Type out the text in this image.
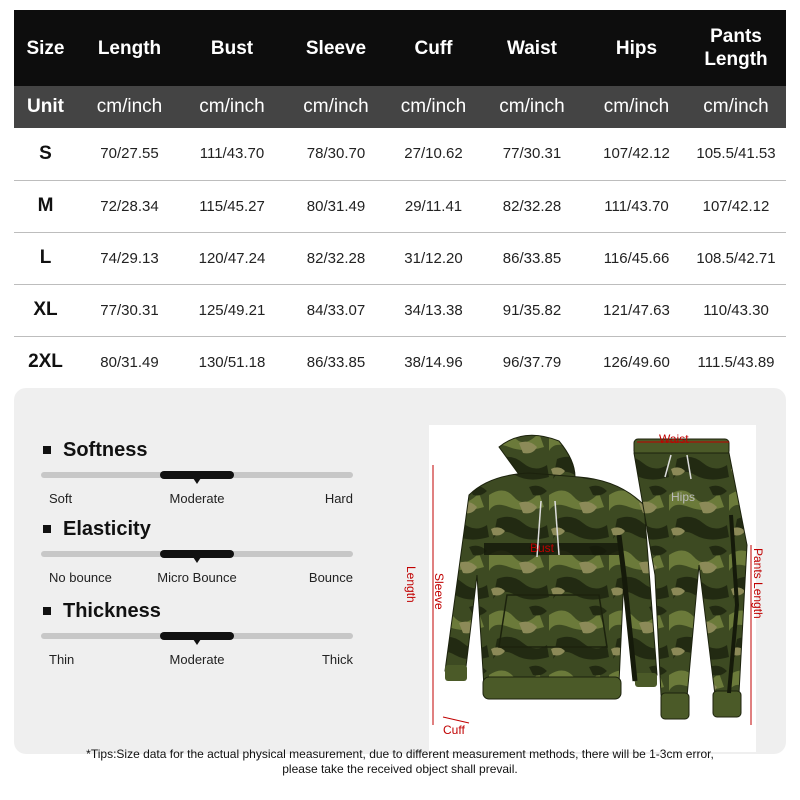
Size	Length	Bust	Sleeve	Cuff	Waist	Hips	Pants Length
Unit	cm/inch	cm/inch	cm/inch	cm/inch	cm/inch	cm/inch	cm/inch
S	70/27.55	111/43.70	78/30.70	27/10.62	77/30.31	107/42.12	105.5/41.53
M	72/28.34	115/45.27	80/31.49	29/11.41	82/32.28	111/43.70	107/42.12
L	74/29.13	120/47.24	82/32.28	31/12.20	86/33.85	116/45.66	108.5/42.71
XL	77/30.31	125/49.21	84/33.07	34/13.38	91/35.82	121/47.63	110/43.30
2XL	80/31.49	130/51.18	86/33.85	38/14.96	96/37.79	126/49.60	111.5/43.89
Softness
Soft	Moderate	Hard
Elasticity
No bounce	Micro Bounce	Bounce
Thickness
Thin	Moderate	Thick
Waist
Hips
Bust
Sleeve	Pants Length
Cuff
Length
*Tips:Size data for the actual physical measurement, due to different measurement methods, there will be 1-3cm error,
please take the received object shall prevail.
